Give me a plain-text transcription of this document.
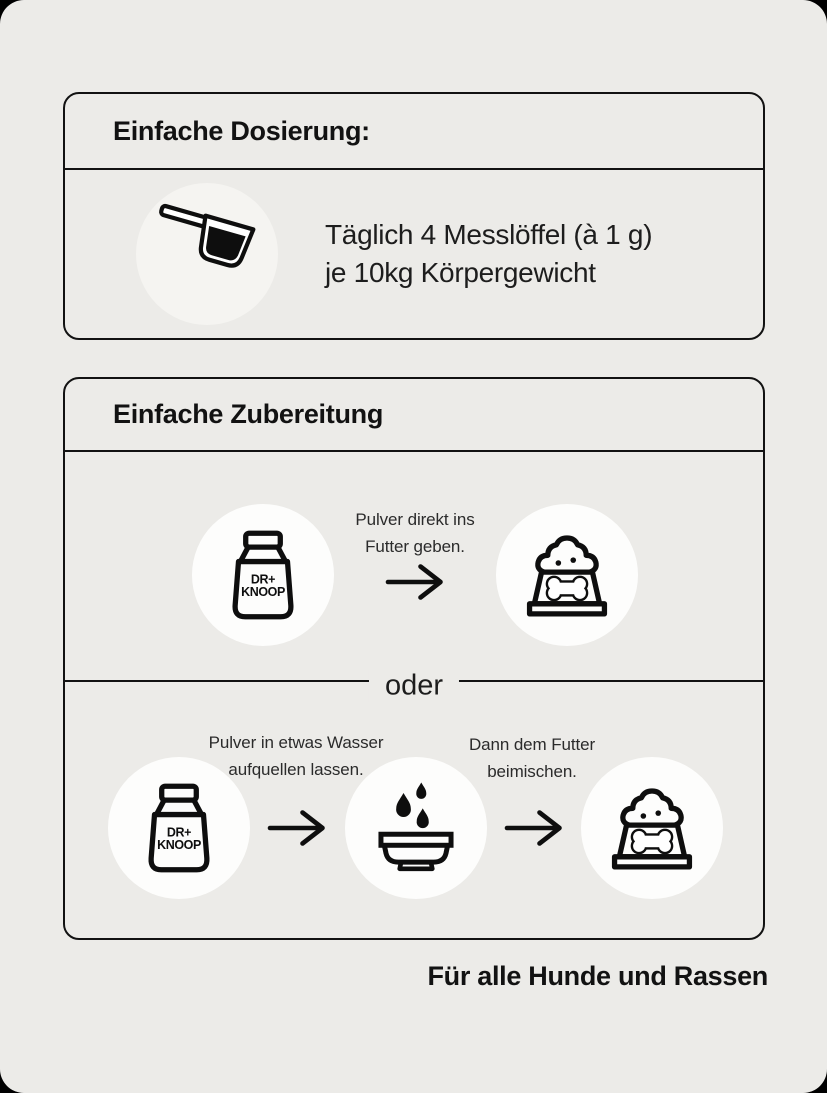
Einfache Dosierung:

Täglich 4 Messlöffel (à 1 g)
je 10kg Körpergewicht

Einfache Zubereitung
DR+
KNOOP

Pulver direkt ins
Futter geben.

oder

Pulver in etwas Wasser
aufquellen lassen.

Dann dem Futter
beimischen.

DR+
KNOOP
Für alle Hunde und Rassen
